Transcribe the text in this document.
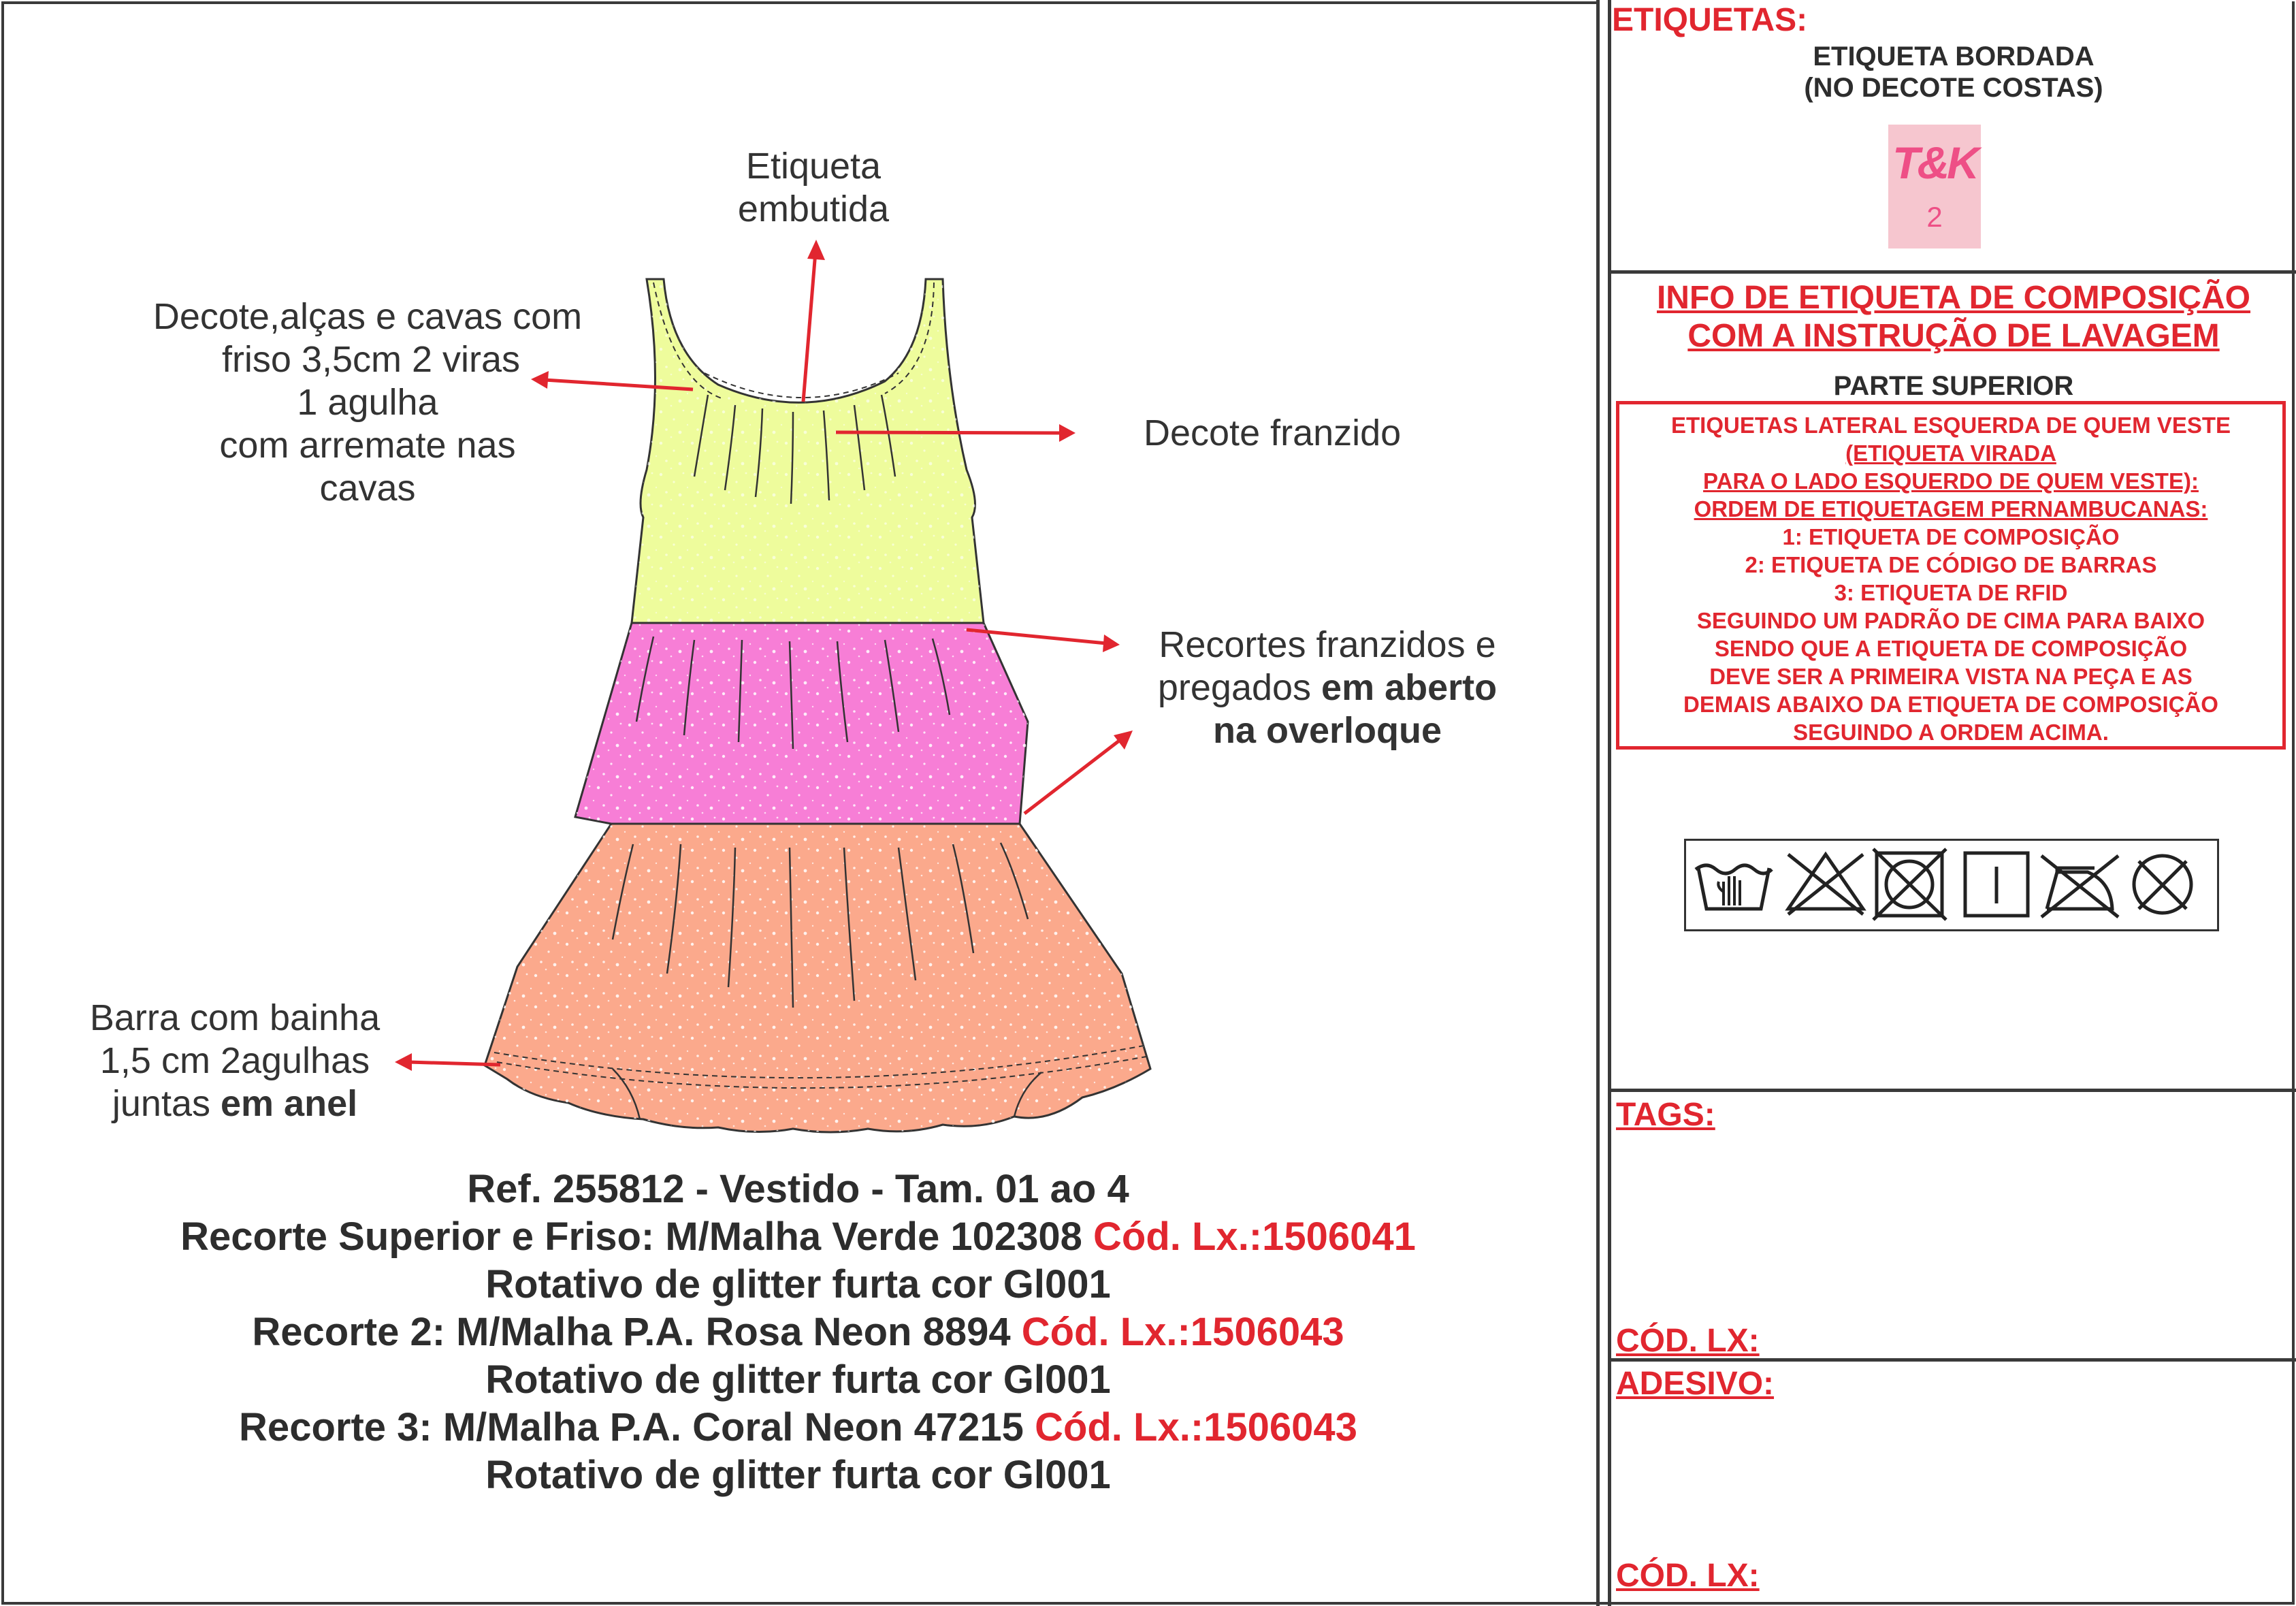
Etiqueta
embutida
Decote,alças e cavas com
friso 3,5cm 2 viras
1 agulha
com arremate nas
cavas
Decote franzido
Recortes franzidos e
pregados em aberto
na overloque
Barra com bainha
1,5 cm 2agulhas
juntas em anel
Ref. 255812 - Vestido - Tam. 01 ao 4
Recorte Superior e Friso: M/Malha Verde 102308 Cód. Lx.:1506041
Rotativo de glitter furta cor Gl001
Recorte 2: M/Malha P.A. Rosa Neon 8894 Cód. Lx.:1506043
Rotativo de glitter furta cor Gl001
Recorte 3: M/Malha P.A. Coral Neon 47215 Cód. Lx.:1506043
Rotativo de glitter furta cor Gl001
ETIQUETAS:
ETIQUETA BORDADA
(NO DECOTE COSTAS)
T&K
2
INFO DE ETIQUETA DE COMPOSIÇÃO
COM A INSTRUÇÃO DE LAVAGEM
PARTE SUPERIOR
ETIQUETAS LATERAL ESQUERDA DE QUEM VESTE
(ETIQUETA VIRADA
PARA O LADO ESQUERDO DE QUEM VESTE):
ORDEM DE ETIQUETAGEM PERNAMBUCANAS:
1: ETIQUETA DE COMPOSIÇÃO
2: ETIQUETA DE CÓDIGO DE BARRAS
3: ETIQUETA DE RFID
SEGUINDO UM PADRÃO DE CIMA PARA BAIXO
SENDO QUE A ETIQUETA DE COMPOSIÇÃO
DEVE SER A PRIMEIRA VISTA NA PEÇA E AS
DEMAIS ABAIXO DA ETIQUETA DE COMPOSIÇÃO
SEGUINDO A ORDEM ACIMA.
TAGS:
CÓD. LX:
ADESIVO:
CÓD. LX:
